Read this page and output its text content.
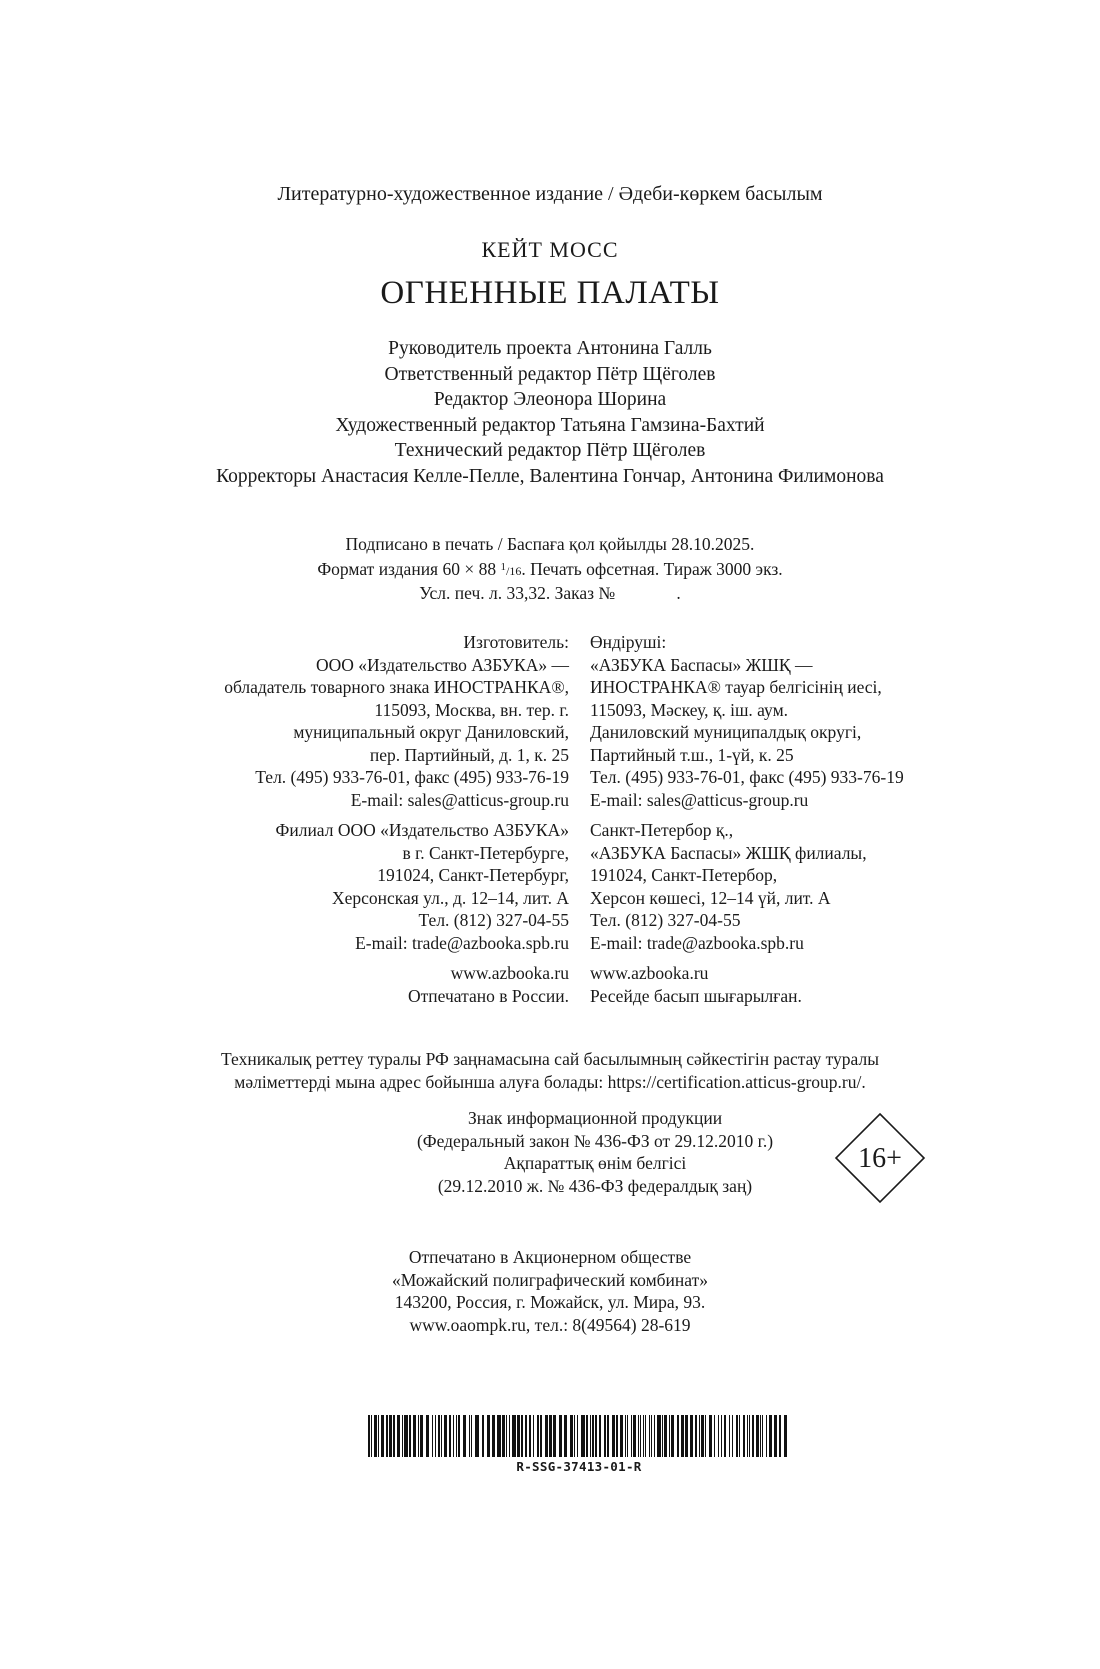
Литературно-художественное издание / Әдеби-көркем басылым
КЕЙТ МОСС
ОГНЕННЫЕ ПАЛАТЫ
Руководитель проекта Антонина Галль
Ответственный редактор Пётр Щёголев
Редактор Элеонора Шорина
Художественный редактор Татьяна Гамзина-Бахтий
Технический редактор Пётр Щёголев
Корректоры Анастасия Келле-Пелле, Валентина Гончар, Антонина Филимонова
Подписано в печать / Баспаға қол қойылды 28.10.2025.
Формат издания 60 × 88 $^1$/16. Печать офсетная. Тираж 3000 экз.
Усл. печ. л. 33,32. Заказ №              .
Изготовитель:
ООО «Издательство АЗБУКА» —
обладатель товарного знака ИНОСТРАНКА®,
115093, Москва, вн. тер. г.
муниципальный округ Даниловский,
пер. Партийный, д. 1, к. 25
Тел. (495) 933-76-01, факс (495) 933-76-19
E-mail: sales@atticus-group.ru
Өндіруші:
«АЗБУКА Баспасы» ЖШҚ —
ИНОСТРАНКА® тауар белгісінің иесі,
115093, Мәскеу, қ. іш. аум.
Даниловский муниципалдық округі,
Партийный т.ш., 1-үй, к. 25
Тел. (495) 933-76-01, факс (495) 933-76-19
E-mail: sales@atticus-group.ru
Филиал ООО «Издательство АЗБУКА»
в г. Санкт-Петербурге,
191024, Санкт-Петербург,
Херсонская ул., д. 12–14, лит. А
Тел. (812) 327-04-55
E-mail: trade@azbooka.spb.ru
Санкт-Петербор қ.,
«АЗБУКА Баспасы» ЖШҚ филиалы,
191024, Санкт-Петербор,
Херсон көшесі, 12–14 үй, лит. А
Тел. (812) 327-04-55
E-mail: trade@azbooka.spb.ru
www.azbooka.ru
Отпечатано в России.
www.azbooka.ru
Ресейде басып шығарылған.
Техникалық реттеу туралы РФ заңнамасына сай басылымның сәйкестігін растау туралы
мәліметтерді мына адрес бойынша алуға болады: https://certification.atticus-group.ru/.
Знак информационной продукции
(Федеральный закон № 436-ФЗ от 29.12.2010 г.)
Ақпараттық өнім белгісі
(29.12.2010 ж. № 436-ФЗ федералдық заң)
16+
Отпечатано в Акционерном обществе
«Можайский полиграфический комбинат»
143200, Россия, г. Можайск, ул. Мира, 93.
www.oaompk.ru, тел.: 8(49564) 28-619
R-SSG-37413-01-R
